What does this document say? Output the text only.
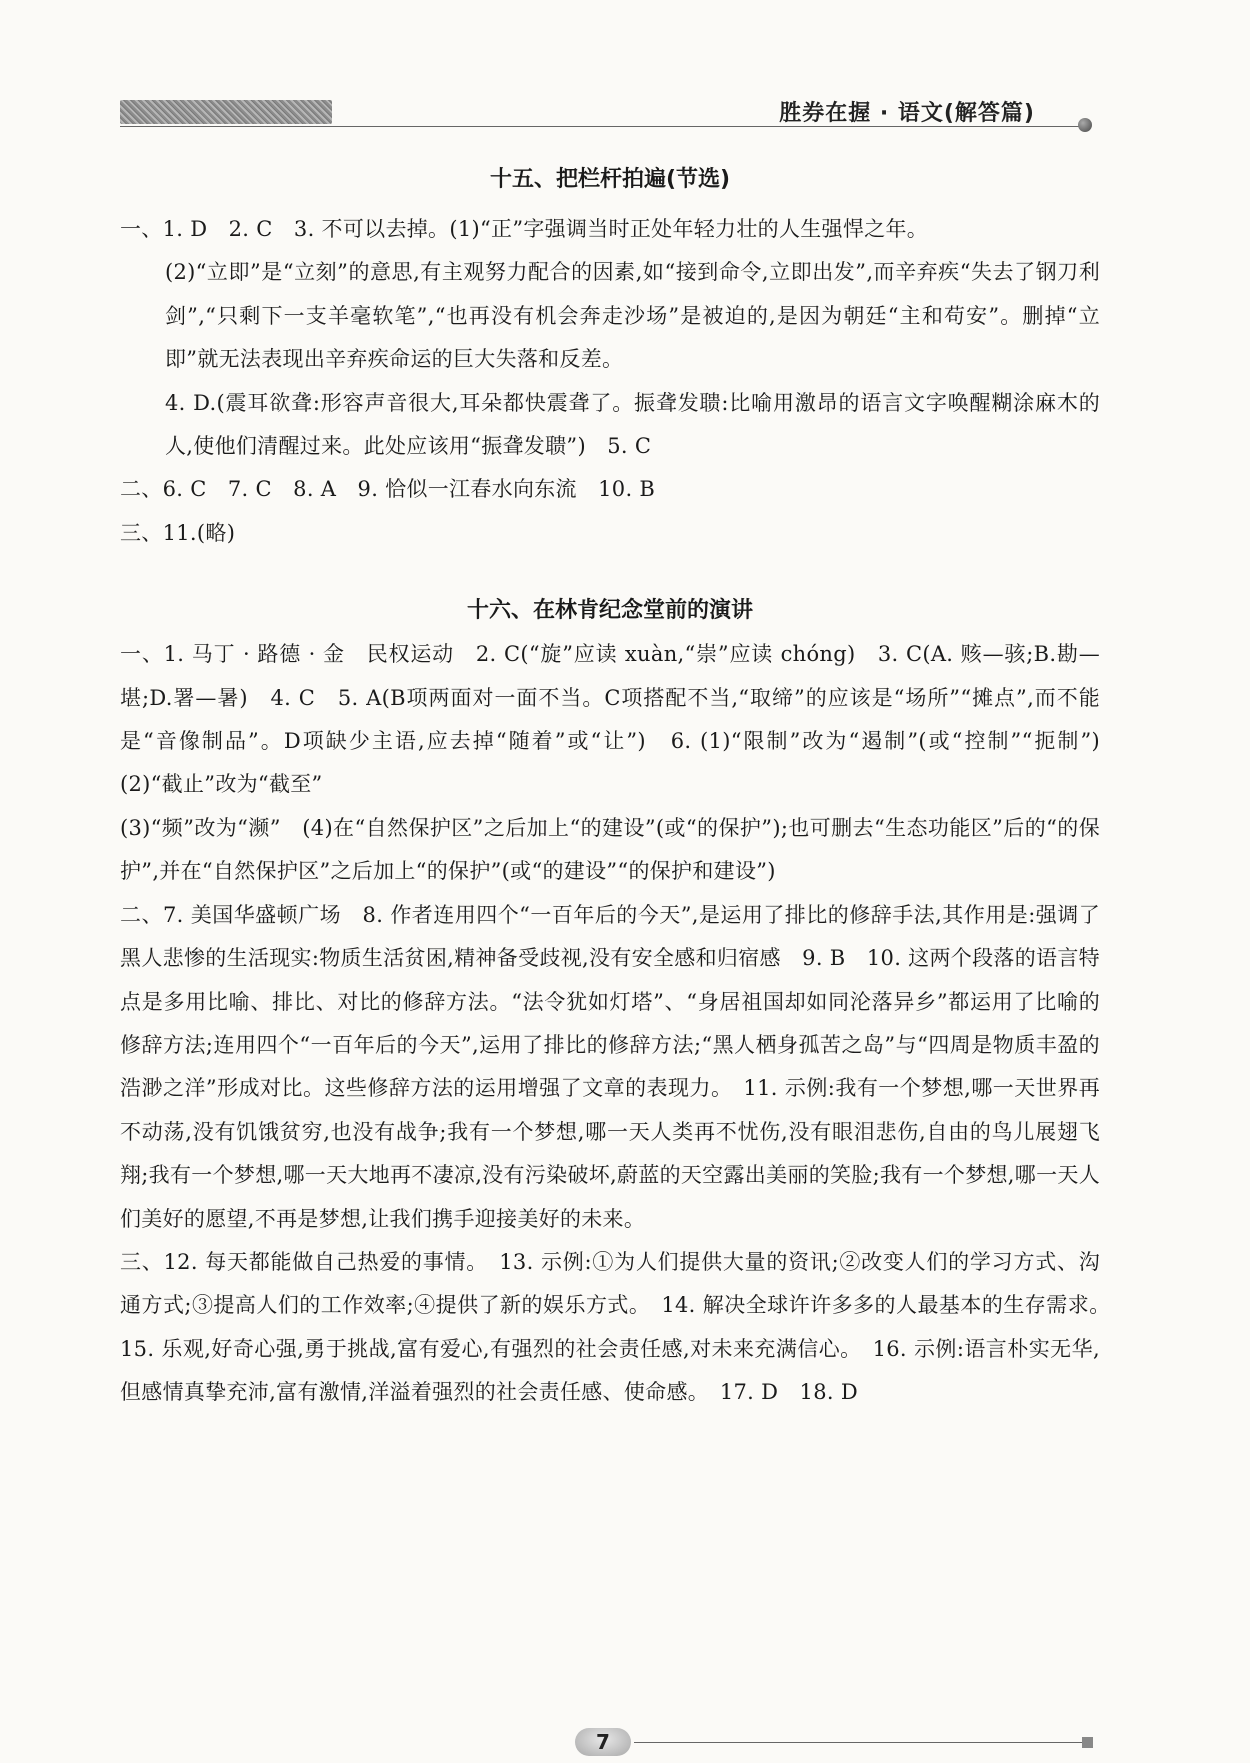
胜券在握 · 语文(解答篇)
十五、把栏杆拍遍(节选)

一、1. D　2. C　3. 不可以去掉。(1)“正”字强调当时正处年轻力壮的人生强悍之年。

(2)“立即”是“立刻”的意思,有主观努力配合的因素,如“接到命令,立即出发”,而辛弃疾“失去了钢刀利剑”,“只剩下一支羊毫软笔”,“也再没有机会奔走沙场”是被迫的,是因为朝廷“主和苟安”。删掉“立即”就无法表现出辛弃疾命运的巨大失落和反差。

4. D.(震耳欲聋:形容声音很大,耳朵都快震聋了。振聋发聩:比喻用激昂的语言文字唤醒糊涂麻木的人,使他们清醒过来。此处应该用“振聋发聩”)　5. C

二、6. C　7. C　8. A　9. 恰似一江春水向东流　10. B

三、11.(略)

十六、在林肯纪念堂前的演讲

一、1. 马丁 · 路德 · 金　民权运动　2. C(“旋”应读 xuàn,“崇”应读 chóng)　3. C(A. 赅—骇;B.勘—堪;D.署—暑)　4. C　5. A(B项两面对一面不当。C项搭配不当,“取缔”的应该是“场所”“摊点”,而不能是“音像制品”。D项缺少主语,应去掉“随着”或“让”)　6. (1)“限制”改为“遏制”(或“控制”“扼制”)　(2)“截止”改为“截至”

(3)“频”改为“濒”　(4)在“自然保护区”之后加上“的建设”(或“的保护”);也可删去“生态功能区”后的“的保护”,并在“自然保护区”之后加上“的保护”(或“的建设”“的保护和建设”)

二、7. 美国华盛顿广场　8. 作者连用四个“一百年后的今天”,是运用了排比的修辞手法,其作用是:强调了黑人悲惨的生活现实:物质生活贫困,精神备受歧视,没有安全感和归宿感　9. B　10. 这两个段落的语言特点是多用比喻、排比、对比的修辞方法。“法令犹如灯塔”、“身居祖国却如同沦落异乡”都运用了比喻的修辞方法;连用四个“一百年后的今天”,运用了排比的修辞方法;“黑人栖身孤苦之岛”与“四周是物质丰盈的浩渺之洋”形成对比。这些修辞方法的运用增强了文章的表现力。　11. 示例:我有一个梦想,哪一天世界再不动荡,没有饥饿贫穷,也没有战争;我有一个梦想,哪一天人类再不忧伤,没有眼泪悲伤,自由的鸟儿展翅飞翔;我有一个梦想,哪一天大地再不凄凉,没有污染破坏,蔚蓝的天空露出美丽的笑脸;我有一个梦想,哪一天人们美好的愿望,不再是梦想,让我们携手迎接美好的未来。

三、12. 每天都能做自己热爱的事情。　13. 示例:①为人们提供大量的资讯;②改变人们的学习方式、沟通方式;③提高人们的工作效率;④提供了新的娱乐方式。　14. 解决全球许许多多的人最基本的生存需求。　15. 乐观,好奇心强,勇于挑战,富有爱心,有强烈的社会责任感,对未来充满信心。　16. 示例:语言朴实无华,但感情真挚充沛,富有激情,洋溢着强烈的社会责任感、使命感。　17. D　18. D

7
